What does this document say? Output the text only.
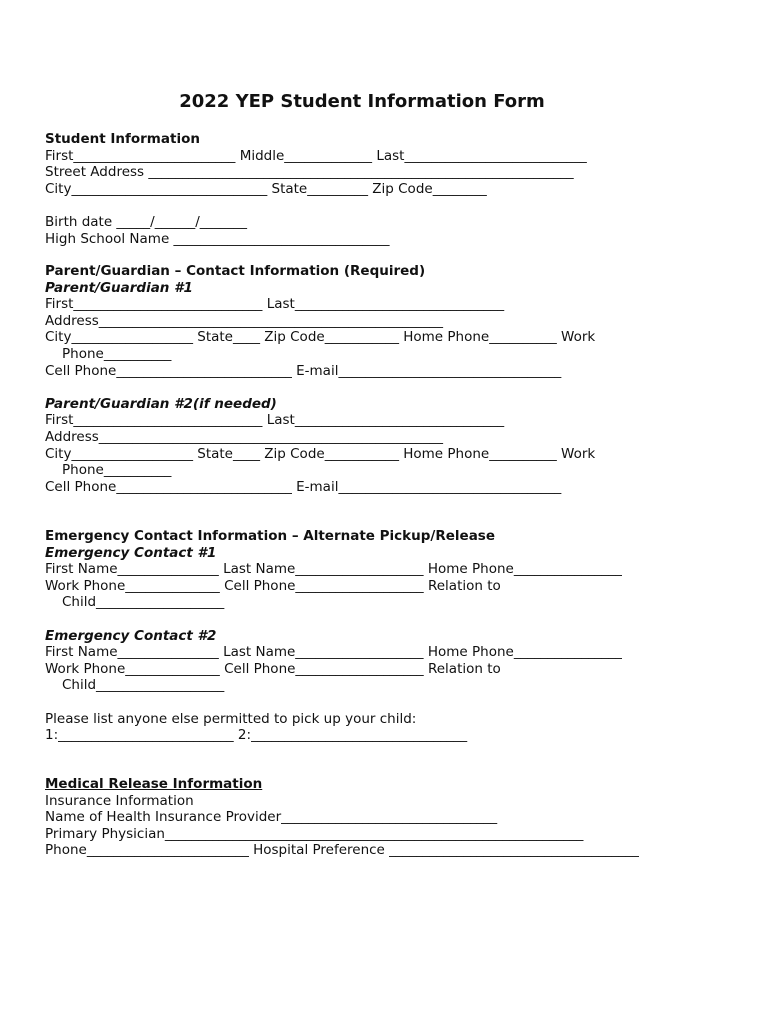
2022 YEP Student Information Form
Student Information
First________________________ Middle_____________ Last___________________________
Street Address _______________________________________________________________
City_____________________________ State_________ Zip Code________
Birth date _____/______/_______
High School Name ________________________________
Parent/Guardian – Contact Information (Required)
Parent/Guardian #1
First____________________________ Last_______________________________
Address___________________________________________________
City__________________ State____ Zip Code___________ Home Phone__________ Work
Phone__________
Cell Phone__________________________ E-mail_________________________________
Parent/Guardian #2(if needed)
First____________________________ Last_______________________________
Address___________________________________________________
City__________________ State____ Zip Code___________ Home Phone__________ Work
Phone__________
Cell Phone__________________________ E-mail_________________________________
Emergency Contact Information – Alternate Pickup/Release
Emergency Contact #1
First Name_______________ Last Name___________________ Home Phone________________
Work Phone______________ Cell Phone___________________ Relation to
Child___________________
Emergency Contact #2
First Name_______________ Last Name___________________ Home Phone________________
Work Phone______________ Cell Phone___________________ Relation to
Child___________________
Please list anyone else permitted to pick up your child:
1:__________________________ 2:________________________________
Medical Release Information
Insurance Information
Name of Health Insurance Provider________________________________
Primary Physician______________________________________________________________
Phone________________________ Hospital Preference _____________________________________
